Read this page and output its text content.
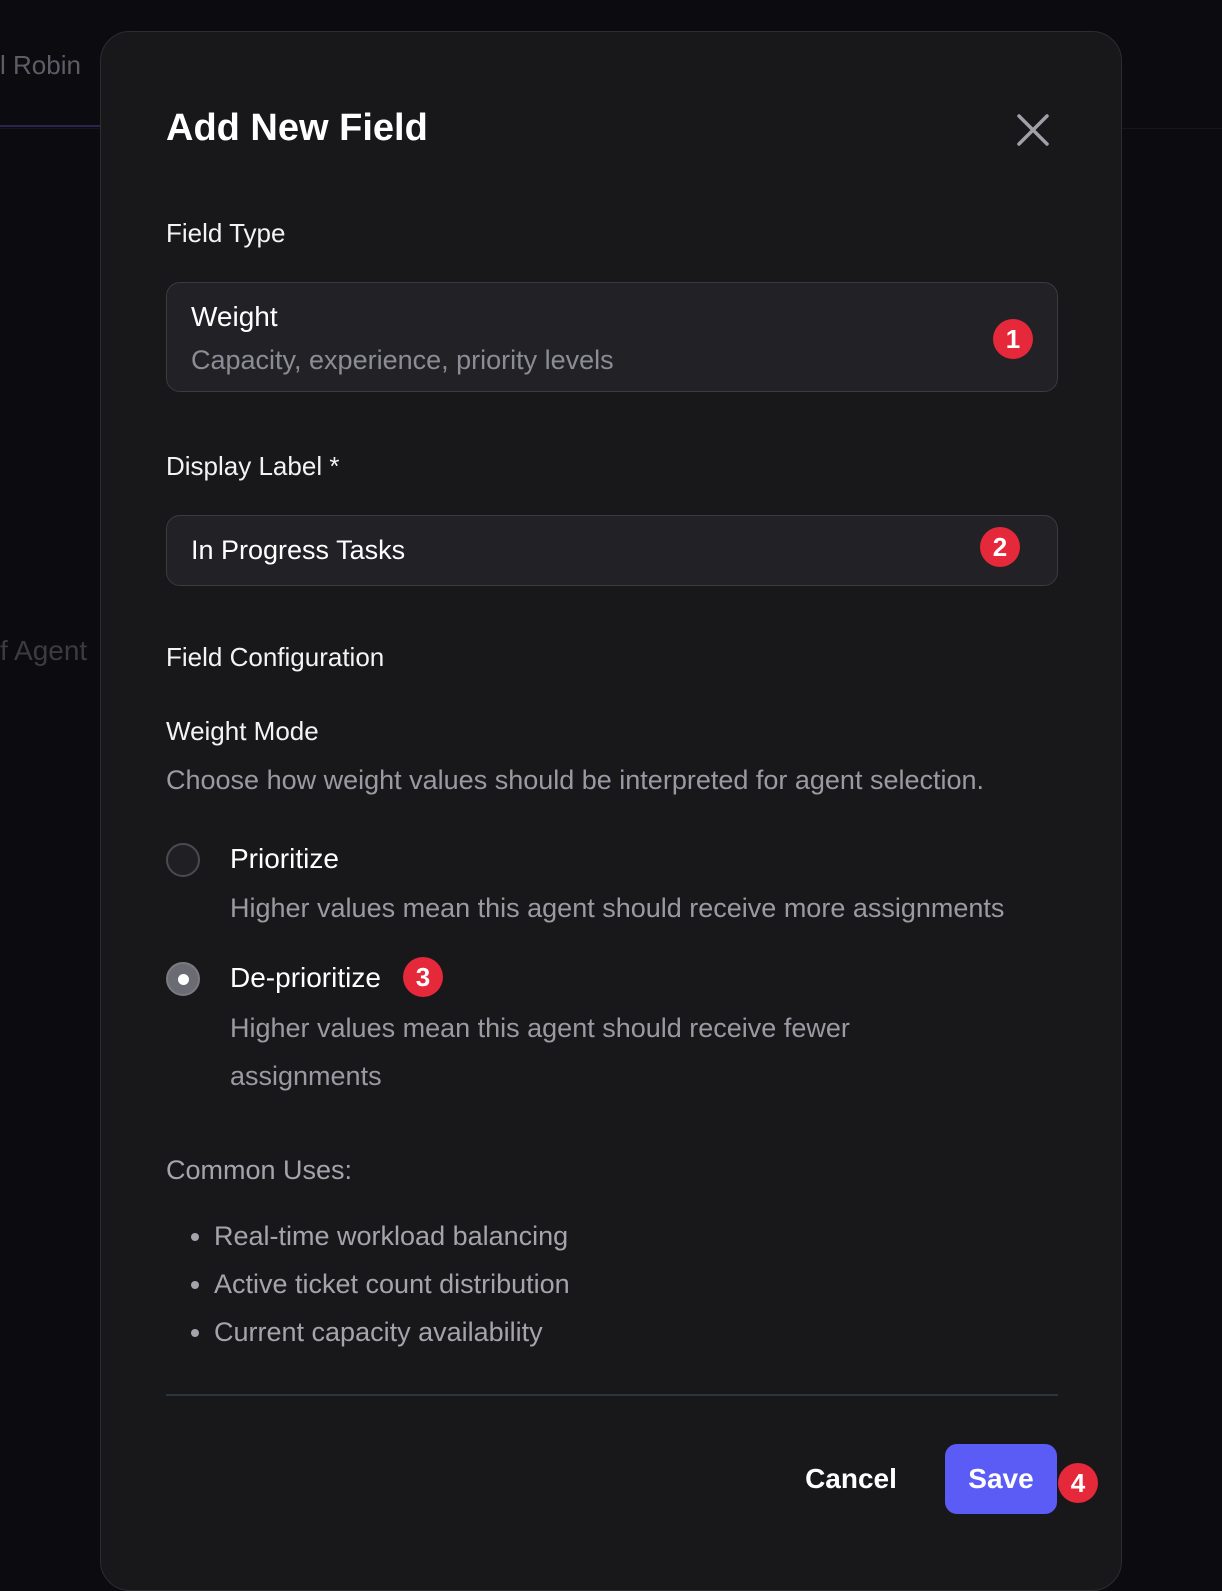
l Robin
f Agent
Add New Field
Field Type
Weight
Capacity, experience, priority levels
1
Display Label *
In Progress Tasks	2
Field Configuration
Weight Mode
Choose how weight values should be interpreted for agent selection.
Prioritize
Higher values mean this agent should receive more assignments
De-prioritize	3
Higher values mean this agent should receive fewer assignments
Common Uses:
• Real-time workload balancing
• Active ticket count distribution
• Current capacity availability
Cancel	Save	4
